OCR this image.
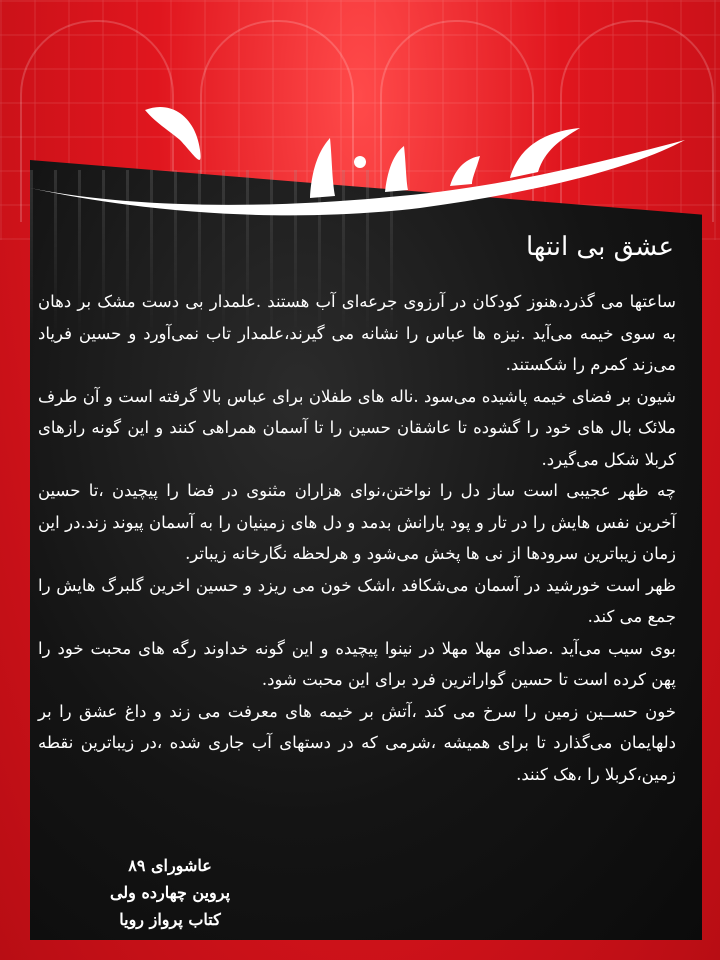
عشق بی انتها

ساعتها می گذرد،هنوز کودکان در آرزوی جرعه‌ای آب هستند .علمدار بی دست مشک بر دهان به سوی خیمه می‌آید .نیزه ها عباس را نشانه می گیرند،علمدار تاب نمی‌آورد و حسین فریاد می‌زند کمرم را شکستند.

شیون بر فضای خیمه پاشیده می‌سود .ناله های طفلان برای عباس بالا گرفته است و آن طرف ملائک بال های خود را گشوده تا عاشقان حسین را تا آسمان همراهی کنند و این گونه رازهای کربلا شکل می‌گیرد.

چه ظهر عجیبی است ساز دل را نواختن،نوای هزاران مثنوی در فضا را پیچیدن ،تا حسین آخرین نفس هایش را در تار و پود یارانش بدمد و دل های زمینیان را به آسمان پیوند زند.در این زمان زیباترین سرودها از نی ها پخش می‌شود و هرلحظه نگارخانه زیباتر.

ظهر است خورشید در آسمان می‌شکافد ،اشک خون می ریزد و حسین اخرین گلبرگ هایش را جمع می کند.

بوی سیب می‌آید .صدای مهلا مهلا در نینوا پیچیده و این گونه خداوند رگه های محبت خود را پهن کرده است تا حسین گواراترین فرد برای این محبت شود.

خون حســین زمین را سرخ می کند ،آتش بر خیمه های معرفت می زند و داغ عشق را بر دلهایمان می‌گذارد تا برای همیشه ،شرمی که در دستهای آب جاری شده ،در زیباترین نقطه زمین،کربلا را ،هک کنند.

عاشورای ۸۹
پروین چهارده ولی
کتاب پرواز رویا
